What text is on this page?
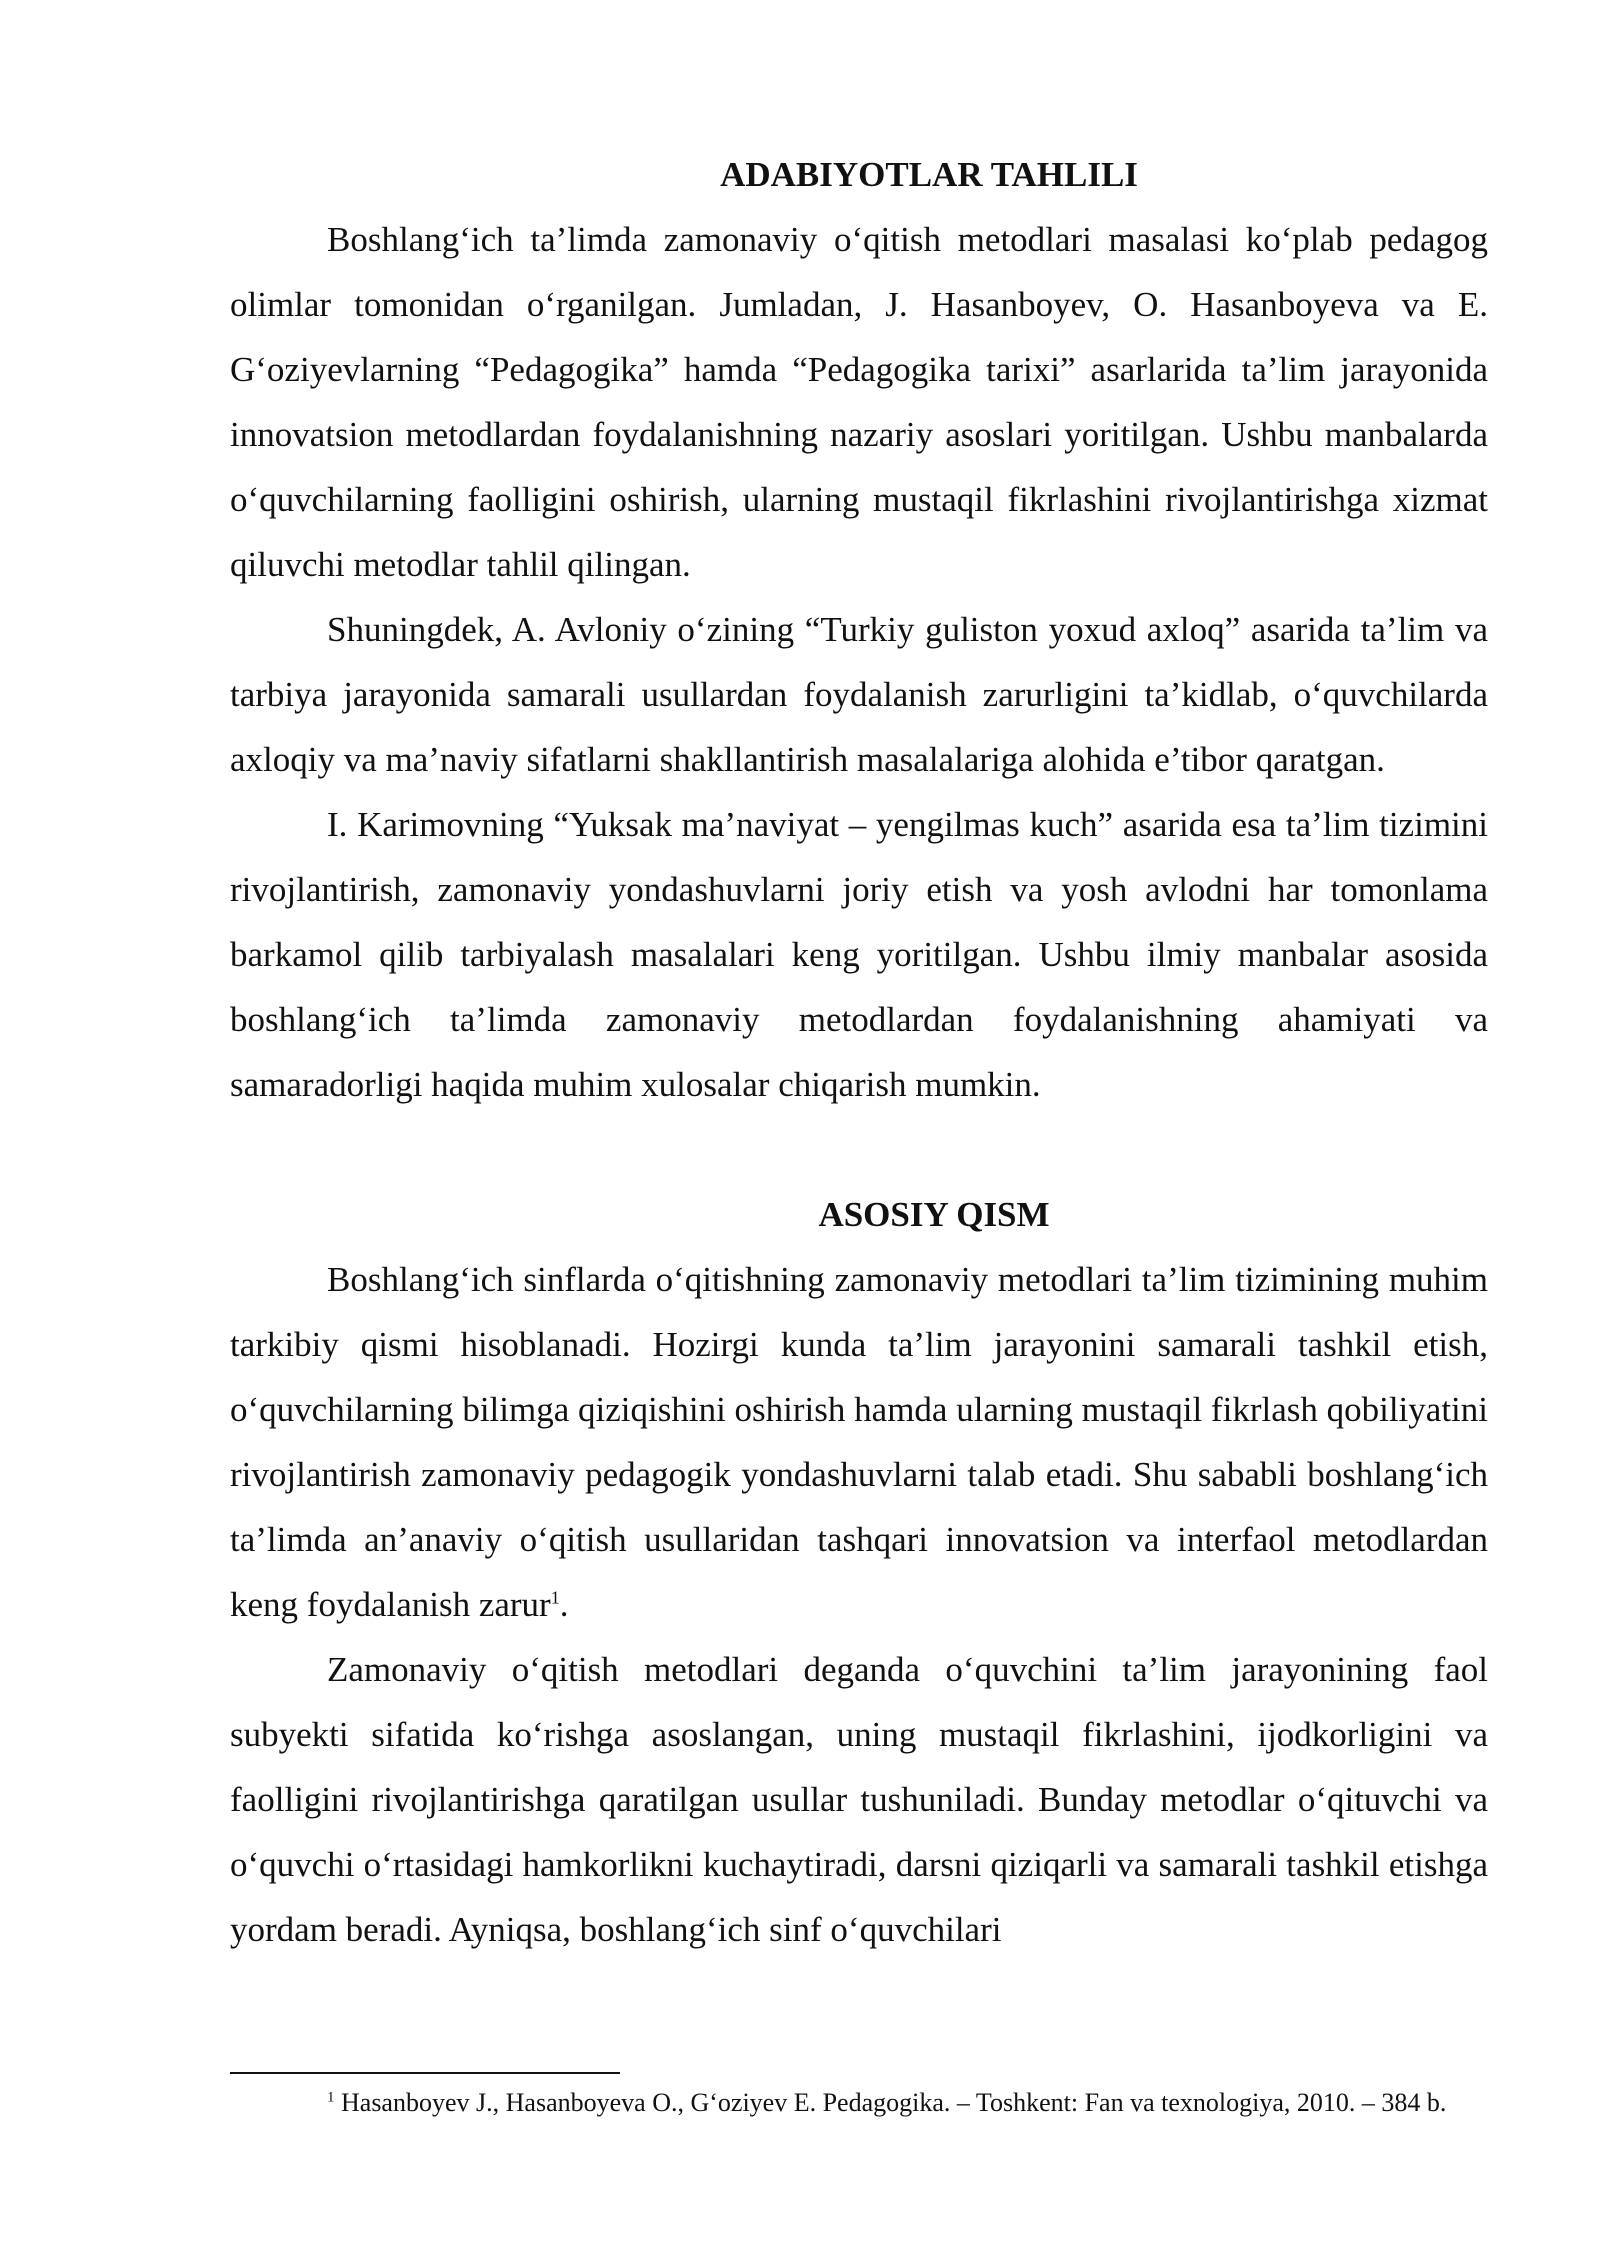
ADABIYOTLAR TAHLILI

Boshlang‘ich ta’limda zamonaviy o‘qitish metodlari masalasi ko‘plab pedagog olimlar tomonidan o‘rganilgan. Jumladan, J. Hasanboyev, O. Hasanboyeva va E. G‘oziyevlarning “Pedagogika” hamda “Pedagogika tarixi” asarlarida ta’lim jarayonida innovatsion metodlardan foydalanishning nazariy asoslari yoritilgan. Ushbu manbalarda o‘quvchilarning faolligini oshirish, ularning mustaqil fikrlashini rivojlantirishga xizmat qiluvchi metodlar tahlil qilingan.

Shuningdek, A. Avloniy o‘zining “Turkiy guliston yoxud axloq” asarida ta’lim va tarbiya jarayonida samarali usullardan foydalanish zarurligini ta’kidlab, o‘quvchilarda axloqiy va ma’naviy sifatlarni shakllantirish masalalariga alohida e’tibor qaratgan.

I. Karimovning “Yuksak ma’naviyat – yengilmas kuch” asarida esa ta’lim tizimini rivojlantirish, zamonaviy yondashuvlarni joriy etish va yosh avlodni har tomonlama barkamol qilib tarbiyalash masalalari keng yoritilgan. Ushbu ilmiy manbalar asosida boshlang‘ich ta’limda zamonaviy metodlardan foydalanishning ahamiyati va samaradorligi haqida muhim xulosalar chiqarish mumkin.

ASOSIY QISM

Boshlang‘ich sinflarda o‘qitishning zamonaviy metodlari ta’lim tizimining muhim tarkibiy qismi hisoblanadi. Hozirgi kunda ta’lim jarayonini samarali tashkil etish, o‘quvchilarning bilimga qiziqishini oshirish hamda ularning mustaqil fikrlash qobiliyatini rivojlantirish zamonaviy pedagogik yondashuvlarni talab etadi. Shu sababli boshlang‘ich ta’limda an’anaviy o‘qitish usullaridan tashqari innovatsion va interfaol metodlardan keng foydalanish zarur$^1$.

Zamonaviy o‘qitish metodlari deganda o‘quvchini ta’lim jarayonining faol subyekti sifatida ko‘rishga asoslangan, uning mustaqil fikrlashini, ijodkorligini va faolligini rivojlantirishga qaratilgan usullar tushuniladi. Bunday metodlar o‘qituvchi va o‘quvchi o‘rtasidagi hamkorlikni kuchaytiradi, darsni qiziqarli va samarali tashkil etishga yordam beradi. Ayniqsa, boshlang‘ich sinf o‘quvchilari

$^1$ Hasanboyev J., Hasanboyeva O., G‘oziyev E. Pedagogika. – Toshkent: Fan va texnologiya, 2010. – 384 b.
